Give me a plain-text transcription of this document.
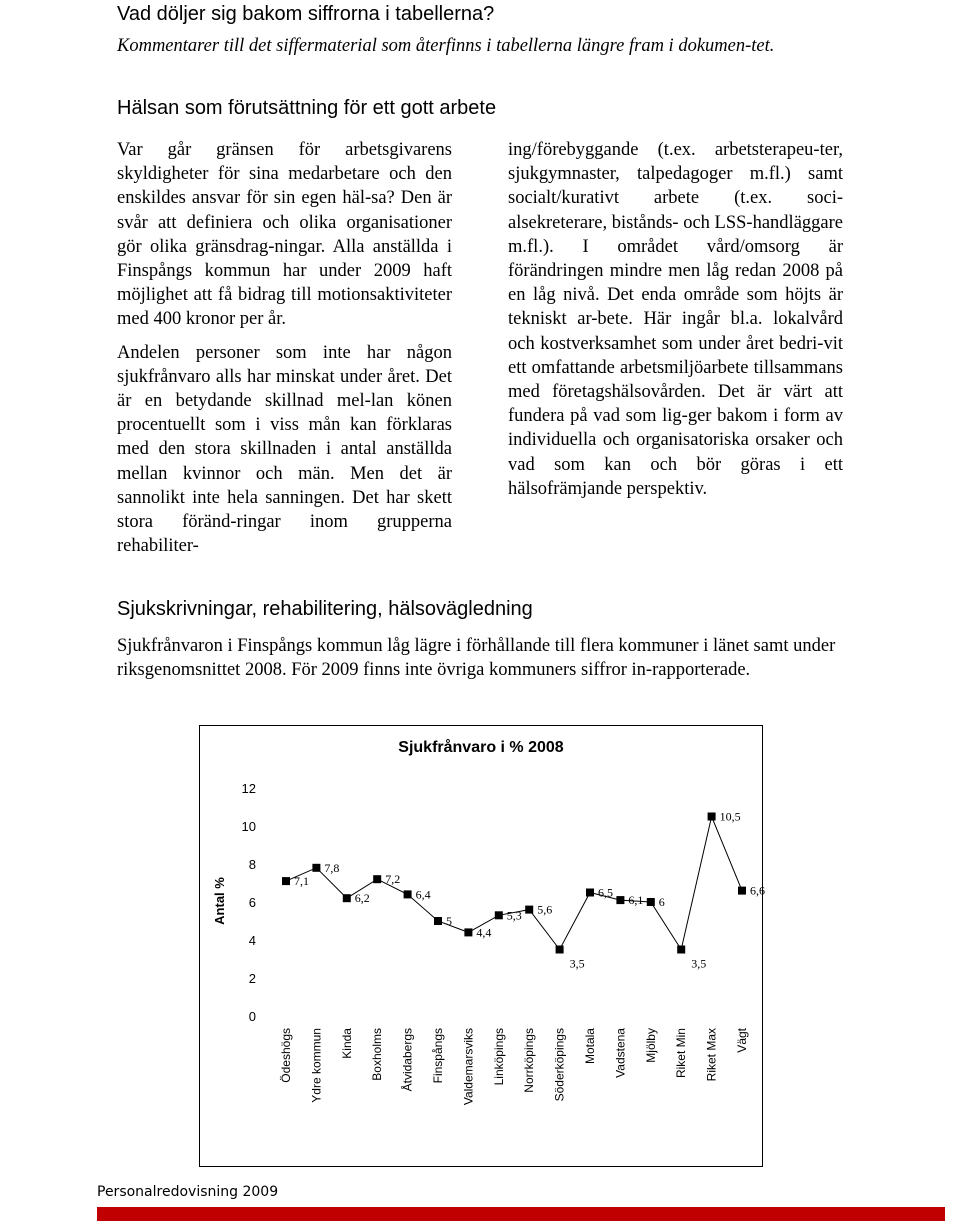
Vad döljer sig bakom siffrorna i tabellerna?
Kommentarer till det siffermaterial som återfinns i tabellerna längre fram i dokumen-tet.
Hälsan som förutsättning för ett gott arbete

Var går gränsen för arbetsgivarens skyldigheter för sina medarbetare och den enskildes ansvar för sin egen häl-sa? Den är svår att definiera och olika organisationer gör olika gränsdrag-ningar. Alla anställda i Finspångs kommun har under 2009 haft möjlighet att få bidrag till motionsaktiviteter med 400 kronor per år.

Andelen personer som inte har någon sjukfrånvaro alls har minskat under året. Det är en betydande skillnad mel-lan könen procentuellt som i viss mån kan förklaras med den stora skillnaden i antal anställda mellan kvinnor och män. Men det är sannolikt inte hela sanningen. Det har skett stora föränd-ringar inom grupperna rehabiliter-

ing/förebyggande (t.ex. arbetsterapeu-ter, sjukgymnaster, talpedagoger m.fl.) samt socialt/kurativt arbete (t.ex. soci-alsekreterare, bistånds- och LSS-handläggare m.fl.). I området vård/omsorg är förändringen mindre men låg redan 2008 på en låg nivå. Det enda område som höjts är tekniskt ar-bete. Här ingår bl.a. lokalvård och kostverksamhet som under året bedri-vit ett omfattande arbetsmiljöarbete tillsammans med företagshälsovården. Det är värt att fundera på vad som lig-ger bakom i form av individuella och organisatoriska orsaker och vad som kan och bör göras i ett hälsofrämjande perspektiv.

Sjukskrivningar, rehabilitering, hälsovägledning
Sjukfrånvaron i Finspångs kommun låg lägre i förhållande till flera kommuner i länet samt under riksgenomsnittet 2008. För 2009 finns inte övriga kommuners siffror in-rapporterade.
Sjukfrånvaro i % 2008
Antal %
0
2
4
6
8
10
12
7,1
7,8
6,2
7,2
6,4
5
4,4
5,3 5,6
3,5
6,5
6,1 6
3,5
10,5
6,6
Ödeshögs Ydre kommun Kinda Boxholms Åtvidabergs Finspångs Valdemarsviks Linköpings Norrköpings Söderköpings Motala Vadstena Mjölby Riket Min Riket Max Vägt
Personalredovisning 2009
